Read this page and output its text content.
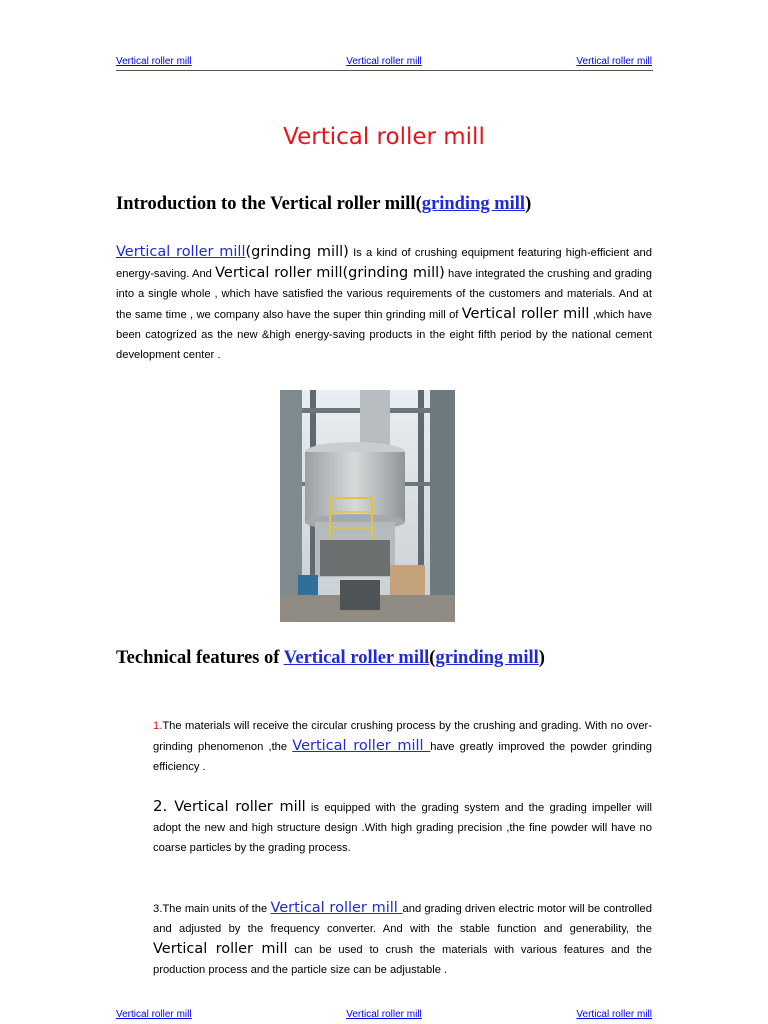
Vertical roller mill	Vertical roller mill	Vertical roller mill
Vertical roller mill
Introduction to the Vertical roller mill(grinding mill)
Vertical roller mill(grinding mill) Is a kind of crushing equipment featuring high-efficient and energy-saving. And Vertical roller mill(grinding mill) have integrated the crushing and grading into a single whole , which have satisfied the various requirements of the customers and materials. And at the same time , we company also have the super thin grinding mill of Vertical roller mill ,which have been catogrized as the new &high energy-saving products in the eight fifth period by the national cement development center .
Technical features of Vertical roller mill(grinding mill)
1.The materials will receive the circular crushing process by the crushing and grading. With no over-grinding phenomenon ,the Vertical roller mill have greatly improved the powder grinding efficiency .
2. Vertical roller mill is equipped with the grading system and the grading impeller will adopt the new and high structure design .With high grading precision ,the fine powder will have no coarse particles by the grading process.
3.The main units of the Vertical roller mill and grading driven electric motor will be controlled and adjusted by the frequency converter. And with the stable function and generability, the Vertical roller mill can be used to crush the materials with various features and the production process and the particle size can be adjustable .
Vertical roller mill	Vertical roller mill	Vertical roller mill
